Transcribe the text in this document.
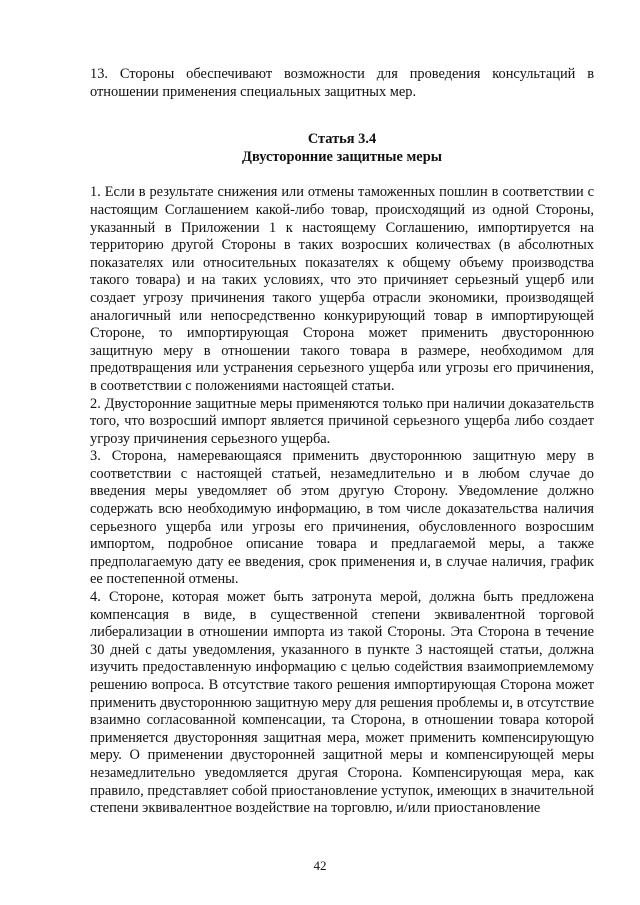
13. Стороны обеспечивают возможности для проведения консультаций в отношении применения специальных защитных мер.

Статья 3.4

Двусторонние защитные меры

1. Если в результате снижения или отмены таможенных пошлин в соответствии с настоящим Соглашением какой-либо товар, происходящий из одной Стороны, указанный в Приложении 1 к настоящему Соглашению, импортируется на территорию другой Стороны в таких возросших количествах (в абсолютных показателях или относительных показателях к общему объему производства такого товара) и на таких условиях, что это причиняет серьезный ущерб или создает угрозу причинения такого ущерба отрасли экономики, производящей аналогичный или непосредственно конкурирующий товар в импортирующей Стороне, то импортирующая Сторона может применить двустороннюю защитную меру в отношении такого товара в размере, необходимом для предотвращения или устранения серьезного ущерба или угрозы его причинения, в соответствии с положениями настоящей статьи.

2. Двусторонние защитные меры применяются только при наличии доказательств того, что возросший импорт является причиной серьезного ущерба либо создает угрозу причинения серьезного ущерба.

3. Сторона, намеревающаяся применить двустороннюю защитную меру в соответствии с настоящей статьей, незамедлительно и в любом случае до введения меры уведомляет об этом другую Сторону. Уведомление должно содержать всю необходимую информацию, в том числе доказательства наличия серьезного ущерба или угрозы его причинения, обусловленного возросшим импортом, подробное описание товара и предлагаемой меры, а также предполагаемую дату ее введения, срок применения и, в случае наличия, график ее постепенной отмены.

4. Стороне, которая может быть затронута мерой, должна быть предложена компенсация в виде, в существенной степени эквивалентной торговой либерализации в отношении импорта из такой Стороны. Эта Сторона в течение 30 дней с даты уведомления, указанного в пункте 3 настоящей статьи, должна изучить предоставленную информацию с целью содействия взаимоприемлемому решению вопроса. В отсутствие такого решения импортирующая Сторона может применить двустороннюю защитную меру для решения проблемы и, в отсутствие взаимно согласованной компенсации, та Сторона, в отношении товара которой применяется двусторонняя защитная мера, может применить компенсирующую меру. О применении двусторонней защитной меры и компенсирующей меры незамедлительно уведомляется другая Сторона. Компенсирующая мера, как правило, представляет собой приостановление уступок, имеющих в значительной степени эквивалентное воздействие на торговлю, и/или приостановление

42
